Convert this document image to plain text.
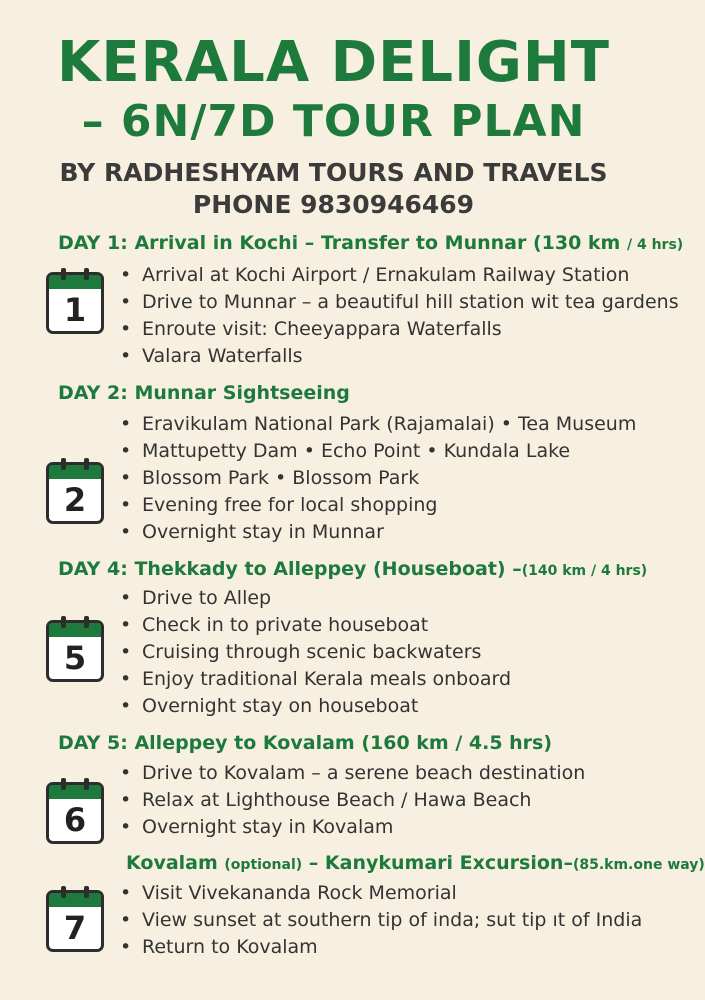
KERALA DELIGHT
– 6N/7D TOUR PLAN
BY RADHESHYAM TOURS AND TRAVELS
PHONE 9830946469
DAY 1: Arrival in Kochi – Transfer to Munnar (130 km / 4 hrs)
1
• Arrival at Kochi Airport / Ernakulam Railway Station
• Drive to Munnar – a beautiful hill station wit tea gardens
• Enroute visit: Cheeyappara Waterfalls
• Valara Waterfalls
DAY 2: Munnar Sightseeing
2
• Eravikulam National Park (Rajamalai) • Tea Museum
• Mattupetty Dam • Echo Point • Kundala Lake
• Blossom Park • Blossom Park
• Evening free for local shopping
• Overnight stay in Munnar
DAY 4: Thekkady to Alleppey (Houseboat) –(140 km / 4 hrs)
5
• Drive to Allep
• Check in to private houseboat
• Cruising through scenic backwaters
• Enjoy traditional Kerala meals onboard
• Overnight stay on houseboat
DAY 5: Alleppey to Kovalam (160 km / 4.5 hrs)
6
• Drive to Kovalam – a serene beach destination
• Relax at Lighthouse Beach / Hawa Beach
• Overnight stay in Kovalam
Kovalam (optional) – Kanykumari Excursion–(85.km.one way)
7
• Visit Vivekananda Rock Memorial
• View sunset at southern tip of inda; sut tip ıt of India
• Return to Kovalam
